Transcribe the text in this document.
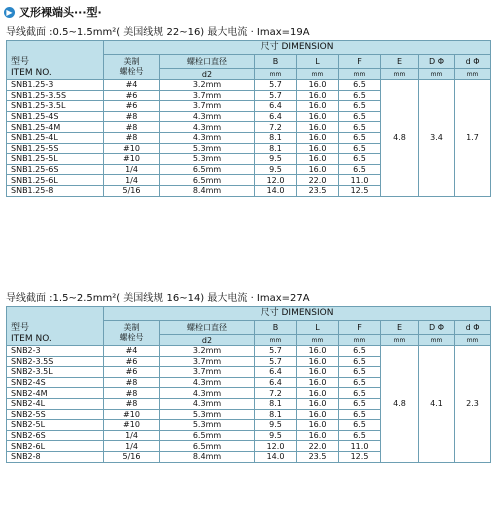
▶ 叉形裸端头···型·
导线截面 :0.5~1.5mm²( 美国线规 22~16) 最大电流 · Imax=19A
型号
ITEM NO.	尺寸 DIMENSION							
	美制
螺栓号	螺栓口直径	B	L	F	E	D Φ	d Φ
		d2	mm	mm	mm	mm	mm	mm
SNB1.25-3	#4	3.2mm	5.7	16.0	6.5	4.8	3.4	1.7
SNB1.25-3.5S	#6	3.7mm	5.7	16.0	6.5			
SNB1.25-3.5L	#6	3.7mm	6.4	16.0	6.5			
SNB1.25-4S	#8	4.3mm	6.4	16.0	6.5			
SNB1.25-4M	#8	4.3mm	7.2	16.0	6.5			
SNB1.25-4L	#8	4.3mm	8.1	16.0	6.5			
SNB1.25-5S	#10	5.3mm	8.1	16.0	6.5			
SNB1.25-5L	#10	5.3mm	9.5	16.0	6.5			
SNB1.25-6S	1/4	6.5mm	9.5	16.0	6.5			
SNB1.25-6L	1/4	6.5mm	12.0	22.0	11.0			
SNB1.25-8	5/16	8.4mm	14.0	23.5	12.5			
导线截面 :1.5~2.5mm²( 美国线规 16~14) 最大电流 · Imax=27A
型号
ITEM NO.	尺寸 DIMENSION							
	美制
螺栓号	螺栓口直径	B	L	F	E	D Φ	d Φ
		d2	mm	mm	mm	mm	mm	mm
SNB2-3	#4	3.2mm	5.7	16.0	6.5	4.8	4.1	2.3
SNB2-3.5S	#6	3.7mm	5.7	16.0	6.5			
SNB2-3.5L	#6	3.7mm	6.4	16.0	6.5			
SNB2-4S	#8	4.3mm	6.4	16.0	6.5			
SNB2-4M	#8	4.3mm	7.2	16.0	6.5			
SNB2-4L	#8	4.3mm	8.1	16.0	6.5			
SNB2-5S	#10	5.3mm	8.1	16.0	6.5			
SNB2-5L	#10	5.3mm	9.5	16.0	6.5			
SNB2-6S	1/4	6.5mm	9.5	16.0	6.5			
SNB2-6L	1/4	6.5mm	12.0	22.0	11.0			
SNB2-8	5/16	8.4mm	14.0	23.5	12.5			
